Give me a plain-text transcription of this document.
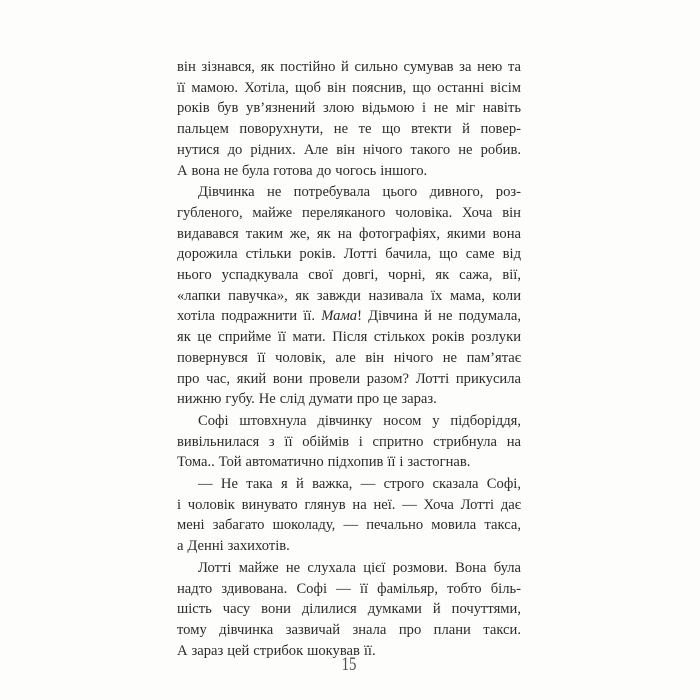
він зізнався, як постійно й сильно сумував за нею та
її мамою. Хотіла, щоб він пояснив, що останні вісім
років був ув’язнений злою відьмою і не міг навіть
пальцем поворухнути, не те що втекти й повер-
нутися до рідних. Але він нічого такого не робив.
А вона не була готова до чогось іншого.
Дівчинка не потребувала цього дивного, роз-
губленого, майже переляканого чоловіка. Хоча він
видавався таким же, як на фотографіях, якими вона
дорожила стільки років. Лотті бачила, що саме від
нього успадкувала свої довгі, чорні, як сажа, вії,
«лапки павучка», як завжди називала їх мама, коли
хотіла подражнити її. Мама! Дівчина й не подумала,
як це сприйме її мати. Після стількох років розлуки
повернувся її чоловік, але він нічого не пам’ятає
про час, який вони провели разом? Лотті прикусила
нижню губу. Не слід думати про це зараз.
Софі штовхнула дівчинку носом у підборіддя,
вивільнилася з її обіймів і спритно стрибнула на
Тома.. Той автоматично підхопив її і застогнав.
— Не така я й важка, — строго сказала Софі,
і чоловік винувато глянув на неї. — Хоча Лотті дає
мені забагато шоколаду, — печально мовила такса,
а Денні захихотів.
Лотті майже не слухала цієї розмови. Вона була
надто здивована. Софі — її фамільяр, тобто біль-
шість часу вони ділилися думками й почуттями,
тому дівчинка зазвичай знала про плани такси.
А зараз цей стрибок шокував її.
15
